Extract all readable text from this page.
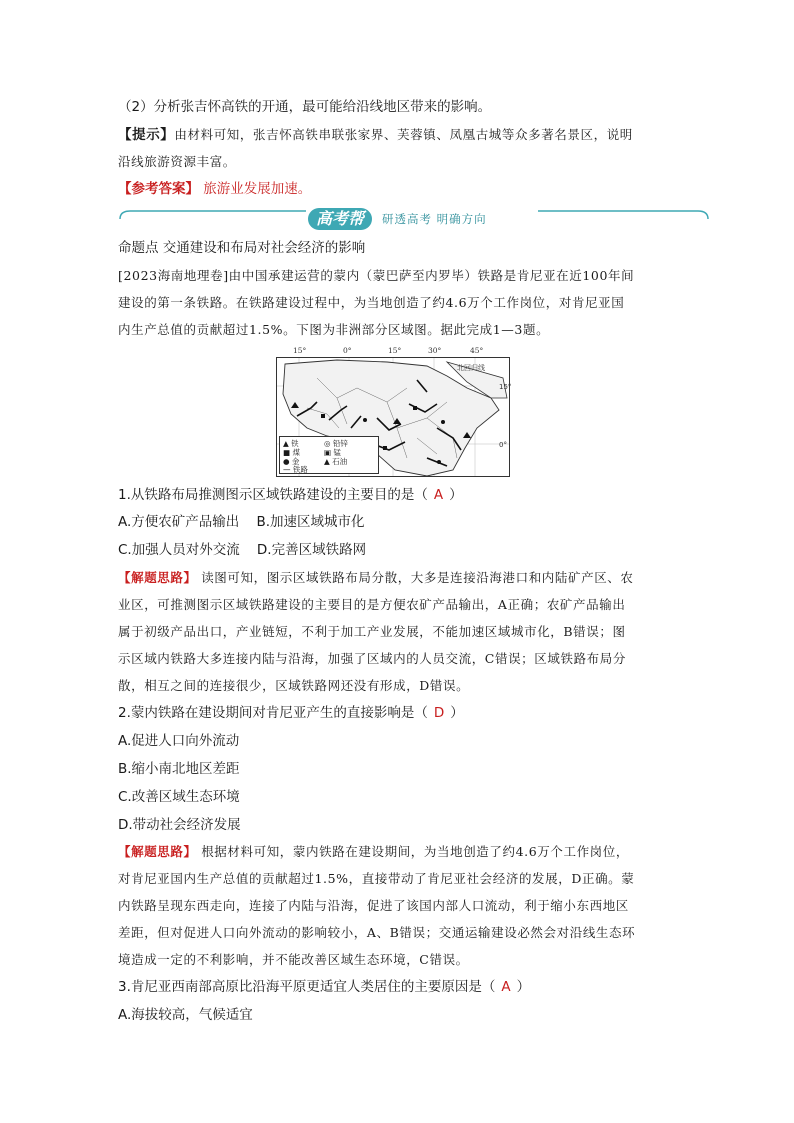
（2）分析张吉怀高铁的开通，最可能给沿线地区带来的影响。
【提示】由材料可知，张吉怀高铁串联张家界、芙蓉镇、凤凰古城等众多著名景区，说明
沿线旅游资源丰富。
【参考答案】 旅游业发展加速。
高考帮	研透高考 明确方向
命题点 交通建设和布局对社会经济的影响
[2023海南地理卷]由中国承建运营的蒙内（蒙巴萨至内罗毕）铁路是肯尼亚在近100年间
建设的第一条铁路。在铁路建设过程中，为当地创造了约4.6万个工作岗位，对肯尼亚国
内生产总值的贡献超过1.5%。下图为非洲部分区域图。据此完成1—3题。
15°	0°	15°	30°	45°
北回归线
15°
0°
▲ 铁	◎ 铅锌
■ 煤	▣ 锰
● 金	▲ 石油
— 铁路
1.从铁路布局推测图示区域铁路建设的主要目的是（ A ）
A.方便农矿产品输出    B.加速区域城市化
C.加强人员对外交流    D.完善区域铁路网
【解题思路】 读图可知，图示区域铁路布局分散，大多是连接沿海港口和内陆矿产区、农
业区，可推测图示区域铁路建设的主要目的是方便农矿产品输出，A正确；农矿产品输出
属于初级产品出口，产业链短，不利于加工产业发展，不能加速区域城市化，B错误；图
示区域内铁路大多连接内陆与沿海，加强了区域内的人员交流，C错误；区域铁路布局分
散，相互之间的连接很少，区域铁路网还没有形成，D错误。
2.蒙内铁路在建设期间对肯尼亚产生的直接影响是（ D ）
A.促进人口向外流动
B.缩小南北地区差距
C.改善区域生态环境
D.带动社会经济发展
【解题思路】 根据材料可知，蒙内铁路在建设期间，为当地创造了约4.6万个工作岗位，
对肯尼亚国内生产总值的贡献超过1.5%，直接带动了肯尼亚社会经济的发展，D正确。蒙
内铁路呈现东西走向，连接了内陆与沿海，促进了该国内部人口流动，利于缩小东西地区
差距，但对促进人口向外流动的影响较小，A、B错误；交通运输建设必然会对沿线生态环
境造成一定的不利影响，并不能改善区域生态环境，C错误。
3.肯尼亚西南部高原比沿海平原更适宜人类居住的主要原因是（ A ）
A.海拔较高，气候适宜
